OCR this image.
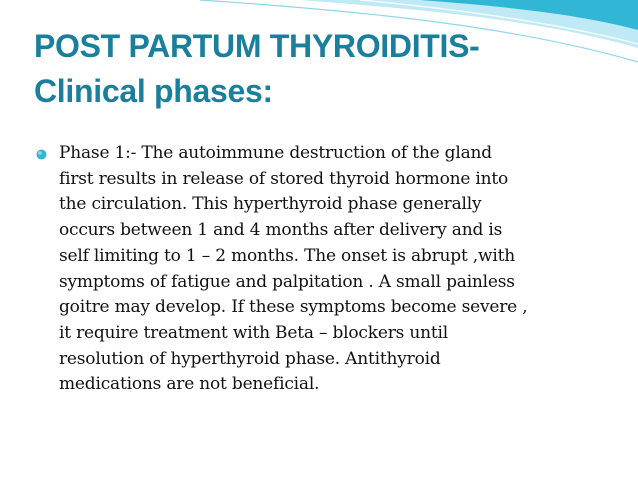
POST PARTUM THYROIDITIS-
Clinical phases:

Phase 1:- The autoimmune destruction of the gland
first results in release of stored thyroid hormone into
the circulation. This hyperthyroid phase generally
occurs between 1 and 4 months after delivery and is
self limiting to 1 – 2 months. The onset is abrupt ,with
symptoms of fatigue and palpitation . A small painless
goitre may develop. If these symptoms become severe ,
it require treatment with Beta – blockers until
resolution of hyperthyroid phase. Antithyroid
medications are not beneficial.
